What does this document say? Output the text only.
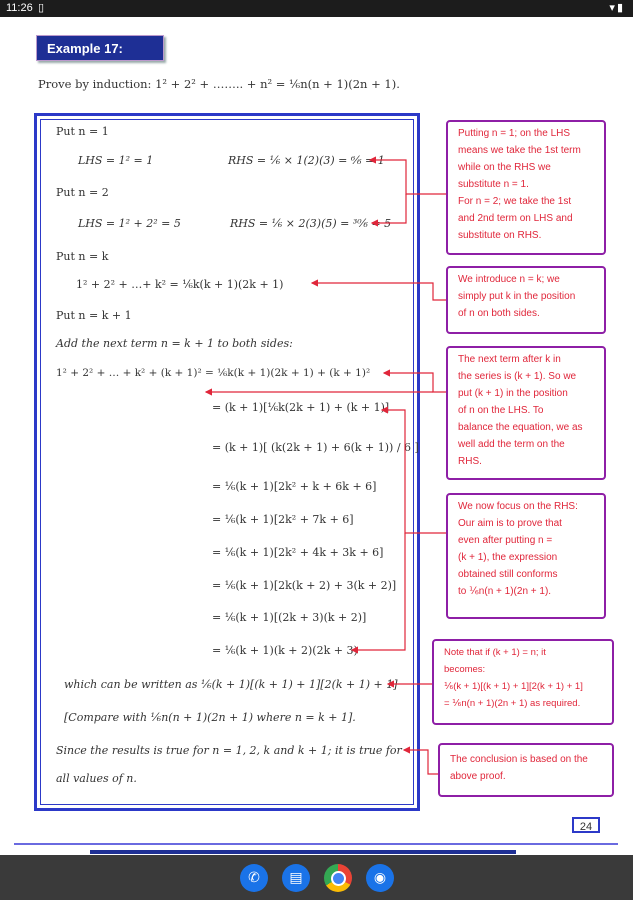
11:26 ▯	▾▮
Example 17:
Prove by induction: 1² + 2² + …….. + n² = ⅙n(n + 1)(2n + 1).
Put n = 1
LHS = 1² = 1	RHS = ⅙ × 1(2)(3) = ⁶⁄₆ = 1
Put n = 2
LHS = 1² + 2² = 5	RHS = ⅙ × 2(3)(5) = ³⁰⁄₆ = 5
Put n = k
1² + 2² + …+ k² = ⅙k(k + 1)(2k + 1)
Put n = k + 1
Add the next term n = k + 1 to both sides:
1² + 2² + … + k² + (k + 1)² = ⅙k(k + 1)(2k + 1) + (k + 1)²
= (k + 1)[⅙k(2k + 1) + (k + 1)]
= (k + 1)[ (k(2k + 1) + 6(k + 1)) / 6 ]
= ⅙(k + 1)[2k² + k + 6k + 6]
= ⅙(k + 1)[2k² + 7k + 6]
= ⅙(k + 1)[2k² + 4k + 3k + 6]
= ⅙(k + 1)[2k(k + 2) + 3(k + 2)]
= ⅙(k + 1)[(2k + 3)(k + 2)]
= ⅙(k + 1)(k + 2)(2k + 3)
which can be written as ⅙(k + 1)[(k + 1) + 1][2(k + 1) + 1]
[Compare with ⅙n(n + 1)(2n + 1) where n = k + 1].
Since the results is true for n = 1, 2, k and k + 1; it is true for
all values of n.
Putting n = 1; on the LHS
means we take the 1st term
while on the RHS we
substitute n = 1.
For n = 2; we take the 1st
and 2nd term on LHS and
substitute on RHS.
We introduce n = k; we
simply put k in the position
of n on both sides.
The next term after k in
the series is (k + 1). So we
put (k + 1) in the position
of n on the LHS. To
balance the equation, we as
well add the term on the
RHS.
We now focus on the RHS:
Our aim is to prove that
even after putting n =
(k + 1), the expression
obtained still conforms
to ⅙n(n + 1)(2n + 1).
Note that if (k + 1) = n; it
becomes:
⅙(k + 1)[(k + 1) + 1][2(k + 1) + 1]
= ⅙n(n + 1)(2n + 1) as required.
The conclusion is based on the
above proof.
24
✆	▤	◉
